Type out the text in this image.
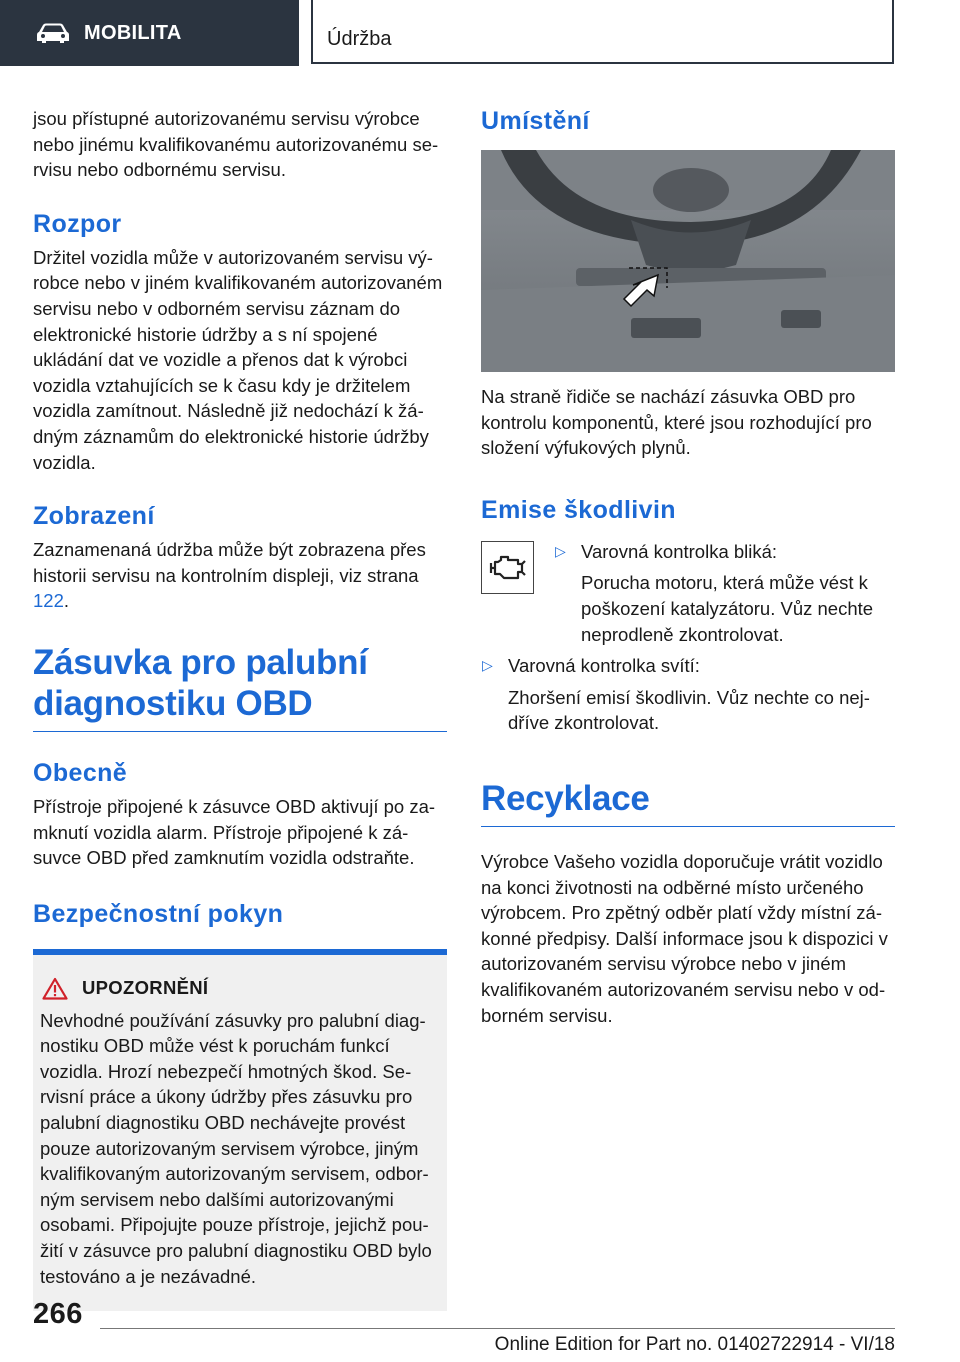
MOBILITA	Údržba

jsou přístupné autorizovanému servisu výrobce nebo jinému kvalifikovanému autorizovanému servisu nebo odbornému servisu.

Rozpor

Držitel vozidla může v autorizovaném servisu výrobce nebo v jiném kvalifikovaném autorizovaném servisu nebo v odborném servisu záznam do elektronické historie údržby a s ní spojené ukládání dat ve vozidle a přenos dat k výrobci vozidla vztahujících se k času kdy je držitelem vozidla zamítnout. Následně již nedochází k žádným záznamům do elektronické historie údržby vozidla.

Zobrazení

Zaznamenaná údržba může být zobrazena přes historii servisu na kontrolním displeji, viz strana 122.

Zásuvka pro palubní diagnostiku OBD
Obecně

Přístroje připojené k zásuvce OBD aktivují po zamknutí vozidla alarm. Přístroje připojené k zásuvce OBD před zamknutím vozidla odstraňte.

Bezpečnostní pokyn
UPOZORNĚNÍ

Nevhodné používání zásuvky pro palubní diagnostiku OBD může vést k poruchám funkcí vozidla. Hrozí nebezpečí hmotných škod. Servisní práce a úkony údržby přes zásuvku pro palubní diagnostiku OBD nechávejte provést pouze autorizovaným servisem výrobce, jiným kvalifikovaným autorizovaným servisem, odborným servisem nebo dalšími autorizovanými osobami. Připojujte pouze přístroje, jejichž použití v zásuvce pro palubní diagnostiku OBD bylo testováno a je nezávadné.

Umístění

Na straně řidiče se nachází zásuvka OBD pro kontrolu komponentů, které jsou rozhodující pro složení výfukových plynů.

Emise škodlivin
▷ Varovná kontrolka bliká:

Porucha motoru, která může vést k poškození katalyzátoru. Vůz nechte neprodleně zkontrolovat.

▷ Varovná kontrolka svítí:

Zhoršení emisí škodlivin. Vůz nechte co nejdříve zkontrolovat.

Recyklace

Výrobce Vašeho vozidla doporučuje vrátit vozidlo na konci životnosti na odběrné místo určeného výrobcem. Pro zpětný odběr platí vždy místní zákonné předpisy. Další informace jsou k dispozici v autorizovaném servisu výrobce nebo v jiném kvalifikovaném autorizovaném servisu nebo v odborném servisu.

266
Online Edition for Part no. 01402722914 - VI/18
